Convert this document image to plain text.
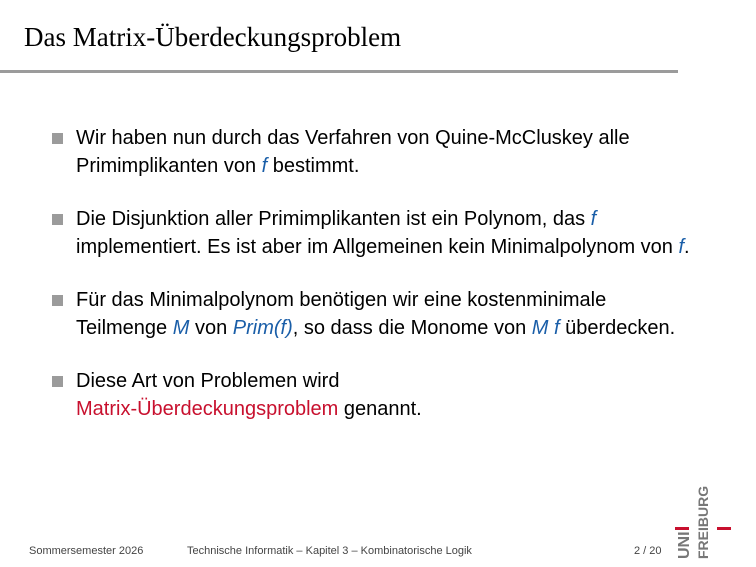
Das Matrix-Überdeckungsproblem
Wir haben nun durch das Verfahren von Quine-McCluskey alle Primimplikanten von f bestimmt.
Die Disjunktion aller Primimplikanten ist ein Polynom, das f implementiert. Es ist aber im Allgemeinen kein Minimalpolynom von f.
Für das Minimalpolynom benötigen wir eine kostenminimale Teilmenge M von Prim(f), so dass die Monome von M f überdecken.
Diese Art von Problemen wird
Matrix-Überdeckungsproblem genannt.
Sommersemester 2026	Technische Informatik – Kapitel 3 – Kombinatorische Logik	2 / 20 UNI FREIBURG
